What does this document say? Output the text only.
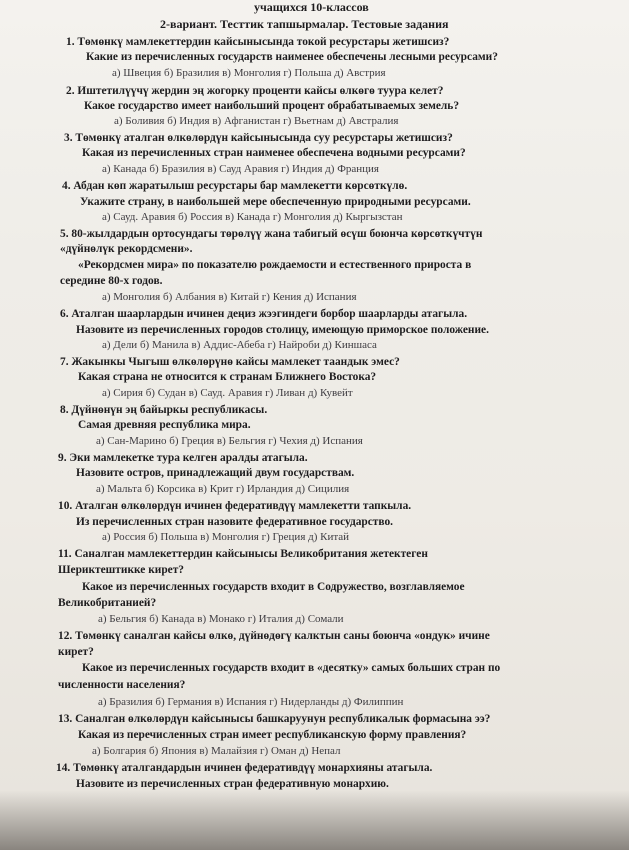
учащихся 10-классов
2-вариант. Тесттик тапшырмалар. Тестовые задания
1. Төмөнкү мамлекеттердин кайсынысында токой ресурстары жетишсиз?
Какие из перечисленных государств наименее обеспечены лесными ресурсами?
а) Швеция б) Бразилия в) Монголия г) Польша д) Австрия
2. Иштетилүүчү жердин эң жогорку проценти кайсы өлкөгө туура келет?
Какое государство имеет наибольший процент обрабатываемых земель?
а) Боливия б) Индия в) Афганистан г) Вьетнам д) Австралия
3. Төмөнкү аталган өлкөлөрдүн кайсынысында суу ресурстары жетишсиз?
Какая из перечисленных стран наименее обеспечена водными ресурсами?
а) Канада б) Бразилия в) Сауд Аравия г) Индия д) Франция
4. Абдан көп жаратылыш ресурстары бар мамлекетти көрсөткүлө.
Укажите страну, в наибольшей мере обеспеченную природными ресурсами.
а) Сауд. Аравия б) Россия в) Канада г) Монголия д) Кыргызстан
5. 80-жылдардын ортосундагы төрөлүү жана табигый өсүш боюнча көрсөткүчтүн
«дүйнөлүк рекордсмени».
«Рекордсмен мира» по показателю рождаемости и естественного прироста в
середине 80-х годов.
а) Монголия б) Албания в) Китай г) Кения д) Испания
6. Аталган шаарлардын ичинен деңиз жээгиндеги борбор шаарларды атагыла.
Назовите из перечисленных городов столицу, имеющую приморское положение.
а) Дели б) Манила в) Аддис-Абеба г) Найроби д) Киншаса
7. Жакынкы Чыгыш өлкөлөрүнө кайсы мамлекет таандык эмес?
Какая страна не относится к странам Ближнего Востока?
а) Сирия б) Судан в) Сауд. Аравия г) Ливан д) Кувейт
8. Дүйнөнүн эң байыркы республикасы.
Самая древняя республика мира.
а) Сан-Марино б) Греция в) Бельгия г) Чехия д) Испания
9. Эки мамлекетке тура келген аралды атагыла.
Назовите остров, принадлежащий двум государствам.
а) Мальта б) Корсика в) Крит г) Ирландия д) Сицилия
10. Аталган өлкөлөрдүн ичинен федеративдүү мамлекетти тапкыла.
Из перечисленных стран назовите федеративное государство.
а) Россия б) Польша в) Монголия г) Греция д) Китай
11. Саналган мамлекеттердин кайсынысы Великобритания жетектеген
Шериктештикке кирет?
Какое из перечисленных государств входит в Содружество, возглавляемое
Великобританией?
а) Бельгия б) Канада в) Монако г) Италия д) Сомали
12. Төмөнкү саналган кайсы өлкө, дүйнөдөгү калктын саны боюнча «ондук» ичине
кирет?
Какое из перечисленных государств входит в «десятку» самых больших стран по
численности населения?
а) Бразилия б) Германия в) Испания г) Нидерланды д) Филиппин
13. Саналган өлкөлөрдүн кайсынысы башкаруунун республикалык формасына ээ?
Какая из перечисленных стран имеет республиканскую форму правления?
а) Болгария б) Япония в) Малайзия г) Оман д) Непал
14. Төмөнкү аталгандардын ичинен федеративдүү монархияны атагыла.
Назовите из перечисленных стран федеративную монархию.
